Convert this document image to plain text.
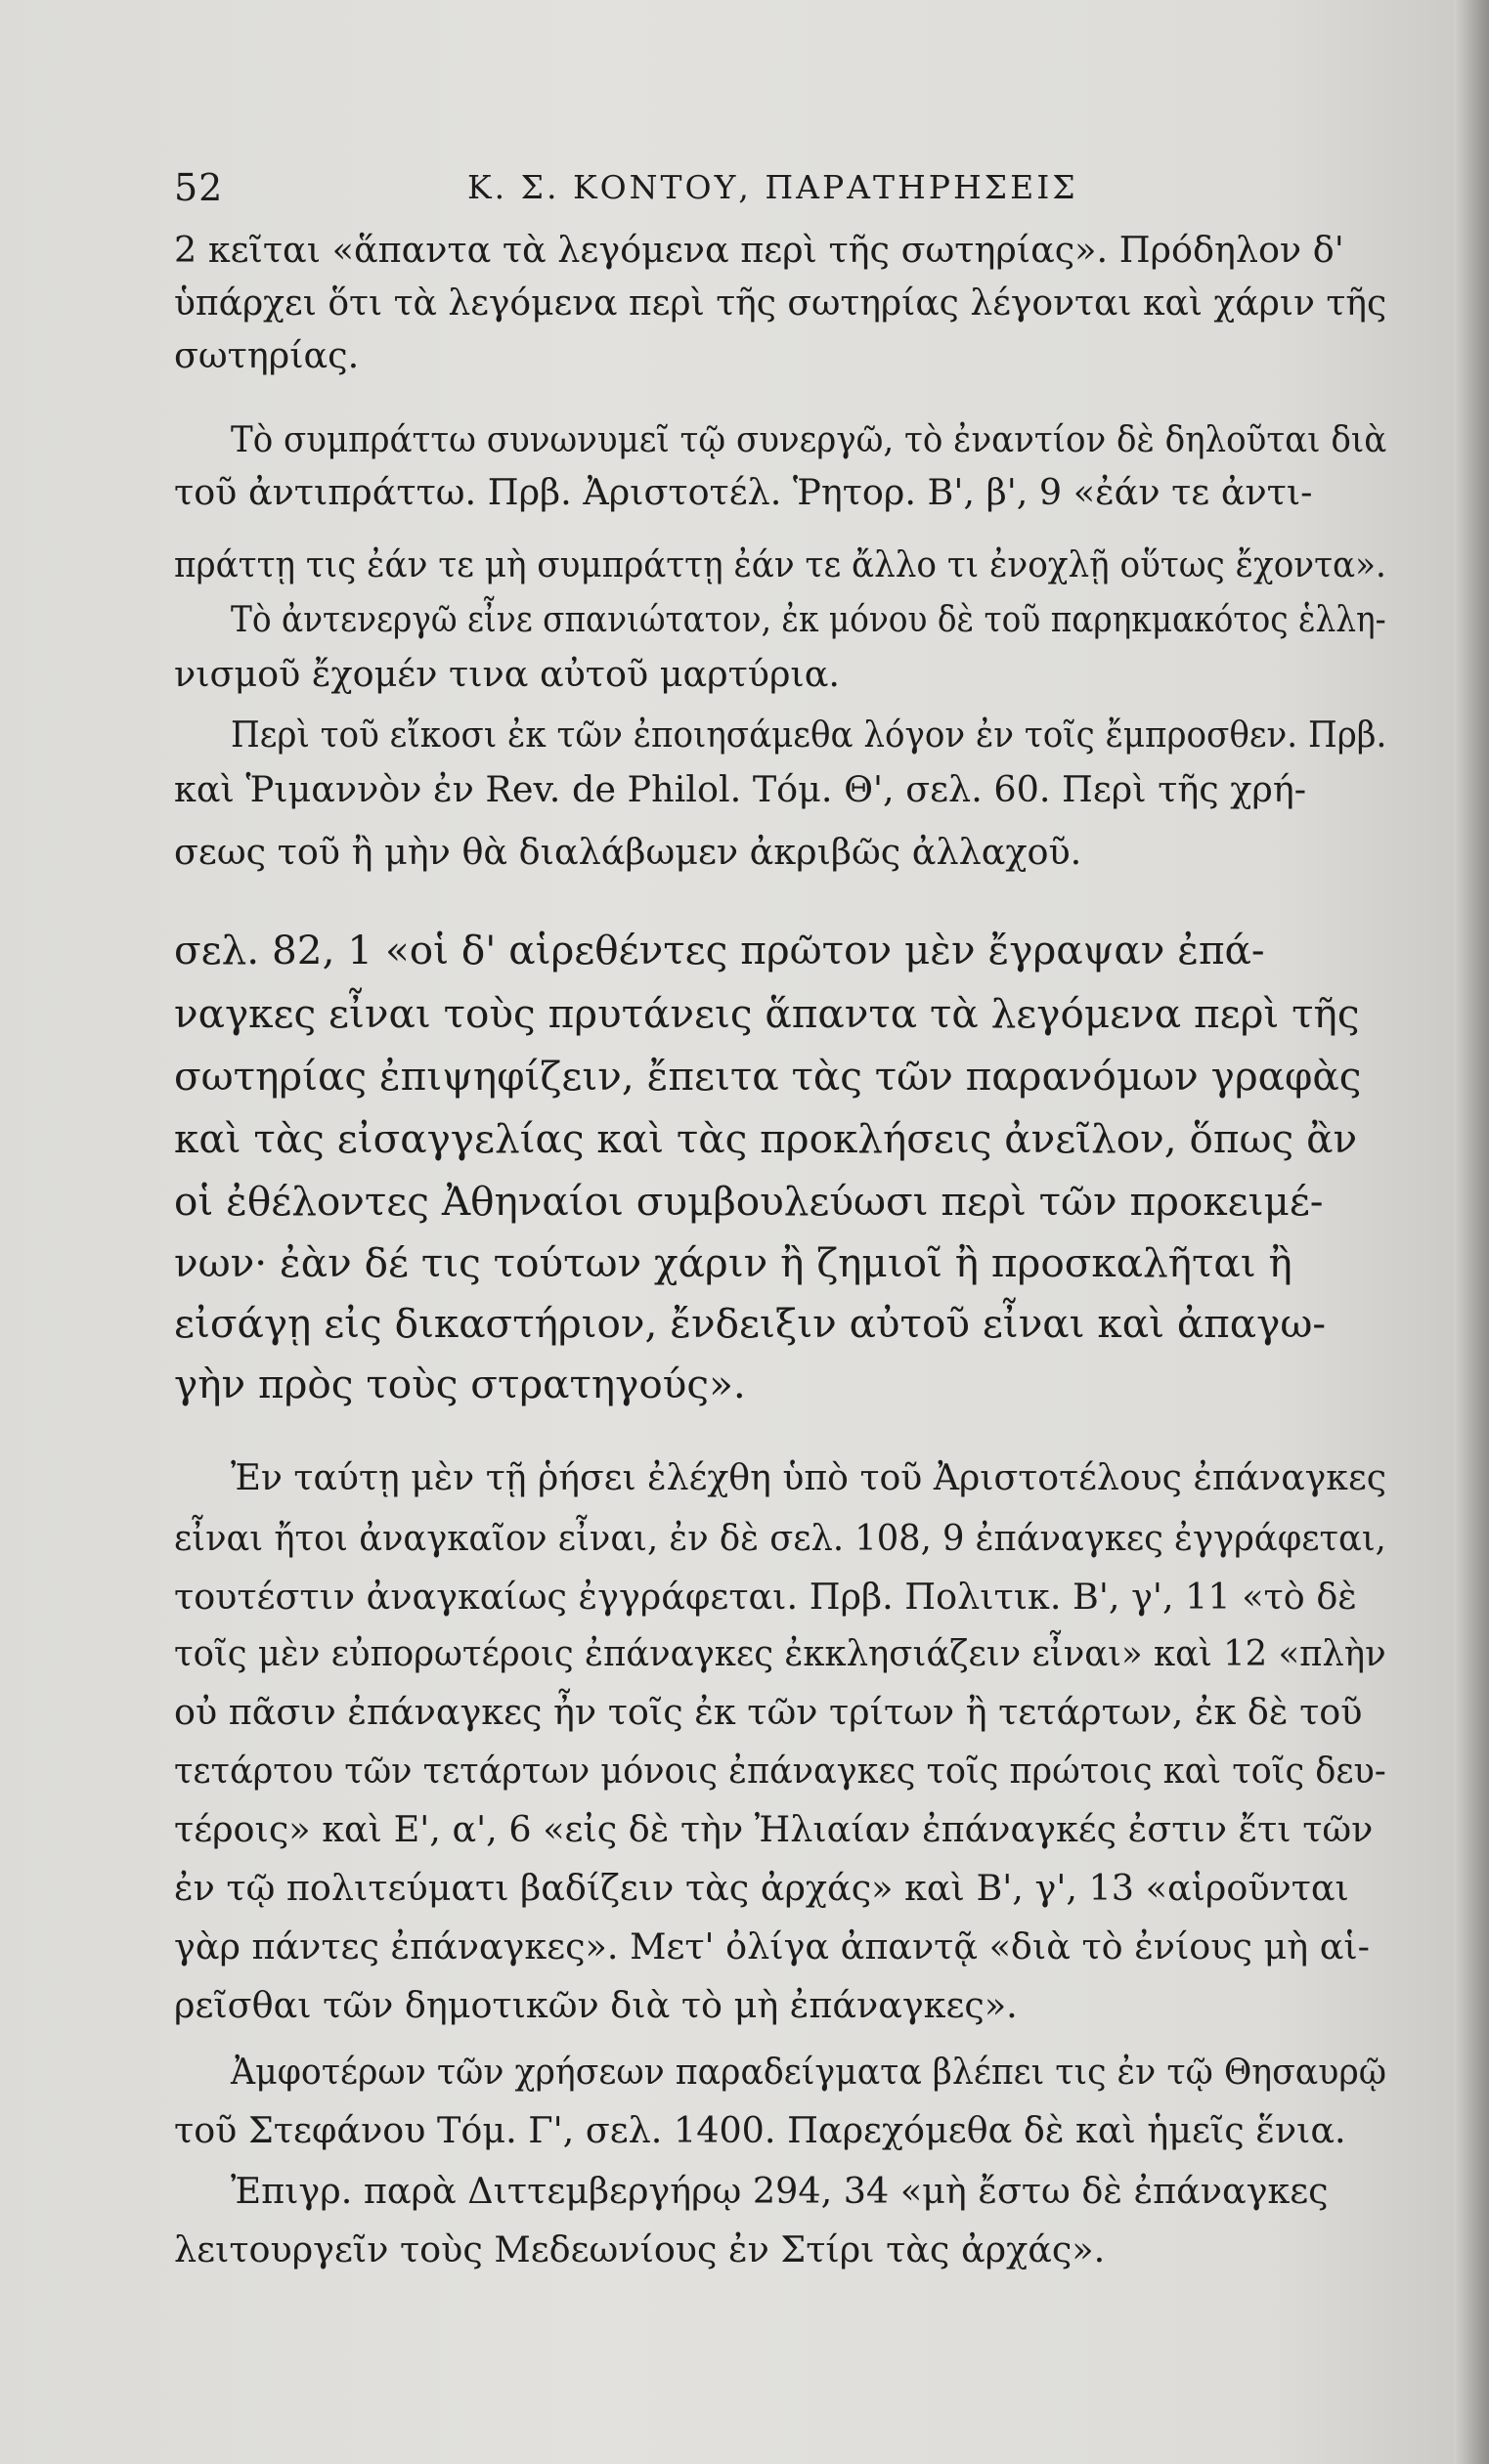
52	Κ. Σ. ΚΟΝΤΟΥ, ΠΑΡΑΤΗΡΗΣΕΙΣ
2 κεῖται «ἅπαντα τὰ λεγόμενα περὶ τῆς σωτηρίας». Πρόδηλον δ'
ὑπάρχει ὅτι τὰ λεγόμενα περὶ τῆς σωτηρίας λέγονται καὶ χάριν τῆς
σωτηρίας.
Τὸ συμπράττω συνωνυμεῖ τῷ συνεργῶ, τὸ ἐναντίον δὲ δηλοῦται διὰ
τοῦ ἀντιπράττω. Πρβ. Ἀριστοτέλ. Ῥητορ. Β', β', 9 «ἐάν τε ἀντι-
πράττῃ τις ἐάν τε μὴ συμπράττῃ ἐάν τε ἄλλο τι ἐνοχλῇ οὕτως ἔχοντα».
Τὸ ἀντενεργῶ εἶνε σπανιώτατον, ἐκ μόνου δὲ τοῦ παρηκμακότος ἑλλη-
νισμοῦ ἔχομέν τινα αὐτοῦ μαρτύρια.
Περὶ τοῦ εἴκοσι ἐκ τῶν ἐποιησάμεθα λόγον ἐν τοῖς ἔμπροσθεν. Πρβ.
καὶ Ῥιμαννὸν ἐν Rev. de Philol. Τόμ. Θ', σελ. 60. Περὶ τῆς χρή-
σεως τοῦ ἢ μὴν θὰ διαλάβωμεν ἀκριβῶς ἀλλαχοῦ.
σελ. 82, 1 «οἱ δ' αἱρεθέντες πρῶτον μὲν ἔγραψαν ἐπά-
ναγκες εἶναι τοὺς πρυτάνεις ἅπαντα τὰ λεγόμενα περὶ τῆς
σωτηρίας ἐπιψηφίζειν, ἔπειτα τὰς τῶν παρανόμων γραφὰς
καὶ τὰς εἰσαγγελίας καὶ τὰς προκλήσεις ἀνεῖλον, ὅπως ἂν
οἱ ἐθέλοντες Ἀθηναίοι συμβουλεύωσι περὶ τῶν προκειμέ-
νων· ἐὰν δέ τις τούτων χάριν ἢ ζημιοῖ ἢ προσκαλῆται ἢ
εἰσάγῃ εἰς δικαστήριον, ἔνδειξιν αὐτοῦ εἶναι καὶ ἀπαγω-
γὴν πρὸς τοὺς στρατηγούς».
Ἐν ταύτῃ μὲν τῇ ῥήσει ἐλέχθη ὑπὸ τοῦ Ἀριστοτέλους ἐπάναγκες
εἶναι ἤτοι ἀναγκαῖον εἶναι, ἐν δὲ σελ. 108, 9 ἐπάναγκες ἐγγράφεται,
τουτέστιν ἀναγκαίως ἐγγράφεται. Πρβ. Πολιτικ. Β', γ', 11 «τὸ δὲ
τοῖς μὲν εὐπορωτέροις ἐπάναγκες ἐκκλησιάζειν εἶναι» καὶ 12 «πλὴν
οὐ πᾶσιν ἐπάναγκες ἦν τοῖς ἐκ τῶν τρίτων ἢ τετάρτων, ἐκ δὲ τοῦ
τετάρτου τῶν τετάρτων μόνοις ἐπάναγκες τοῖς πρώτοις καὶ τοῖς δευ-
τέροις» καὶ Ε', α', 6 «εἰς δὲ τὴν Ἠλιαίαν ἐπάναγκές ἐστιν ἔτι τῶν
ἐν τῷ πολιτεύματι βαδίζειν τὰς ἀρχάς» καὶ Β', γ', 13 «αἱροῦνται
γὰρ πάντες ἐπάναγκες». Μετ' ὀλίγα ἀπαντᾷ «διὰ τὸ ἐνίους μὴ αἱ-
ρεῖσθαι τῶν δημοτικῶν διὰ τὸ μὴ ἐπάναγκες».
Ἀμφοτέρων τῶν χρήσεων παραδείγματα βλέπει τις ἐν τῷ Θησαυρῷ
τοῦ Στεφάνου Τόμ. Γ', σελ. 1400. Παρεχόμεθα δὲ καὶ ἡμεῖς ἕνια.
Ἐπιγρ. παρὰ Διττεμβεργήρῳ 294, 34 «μὴ ἔστω δὲ ἐπάναγκες
λειτουργεῖν τοὺς Μεδεωνίους ἐν Στίρι τὰς ἀρχάς».
